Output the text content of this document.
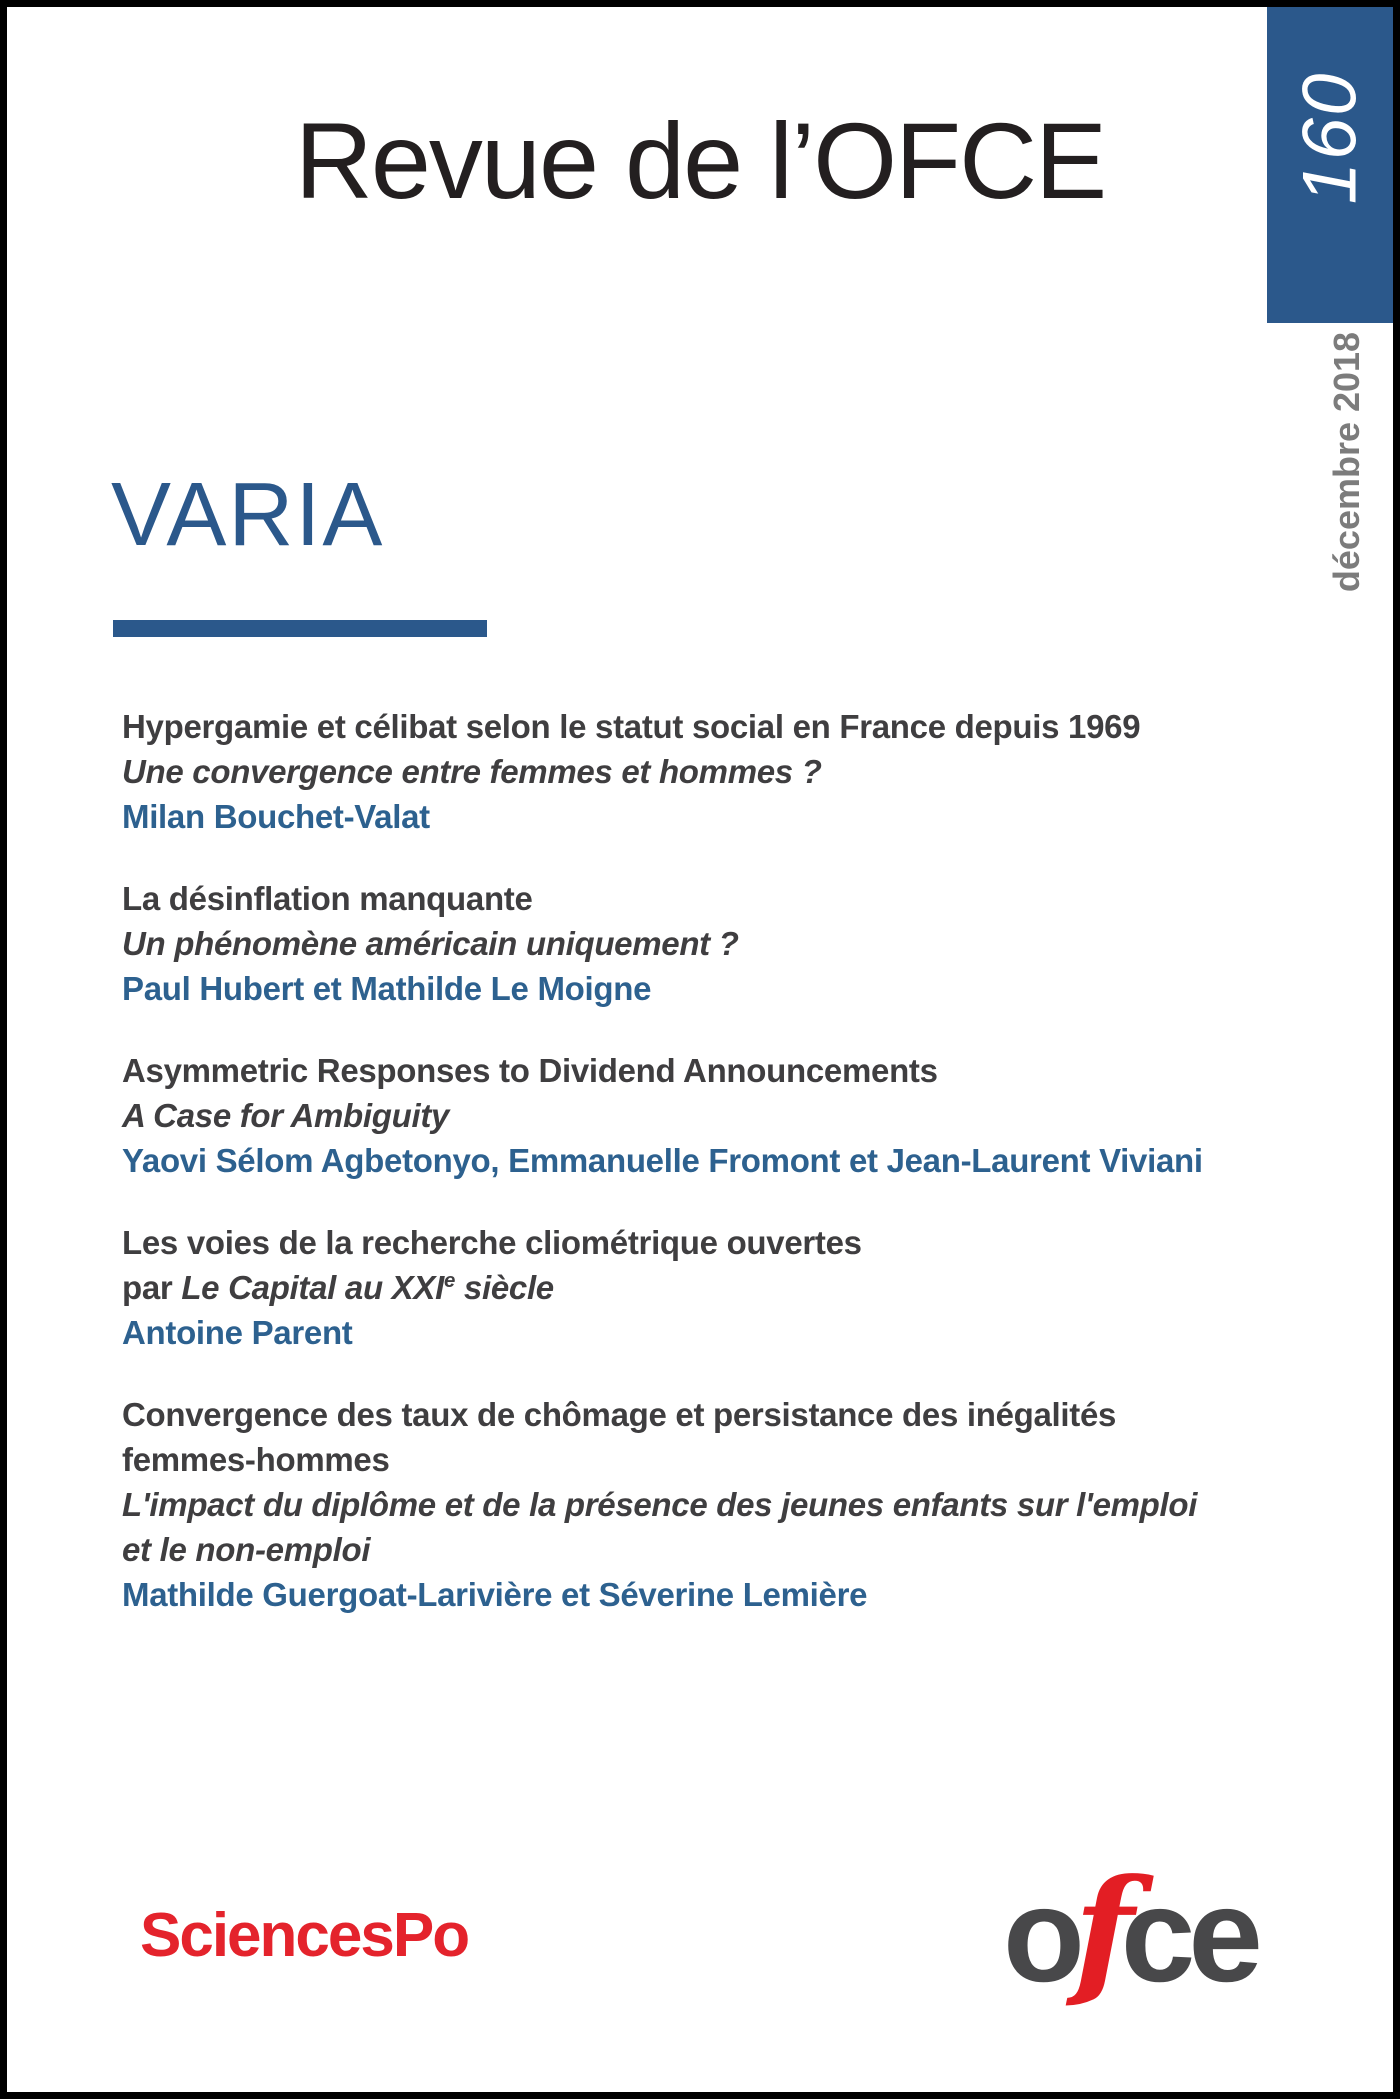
Revue de l’OFCE	160
décembre 2018
VARIA
Hypergamie et célibat selon le statut social en France depuis 1969
Une convergence entre femmes et hommes ?
Milan Bouchet-Valat
La désinflation manquante
Un phénomène américain uniquement ?
Paul Hubert et Mathilde Le Moigne
Asymmetric Responses to Dividend Announcements
A Case for Ambiguity
Yaovi Sélom Agbetonyo, Emmanuelle Fromont et Jean-Laurent Viviani
Les voies de la recherche cliométrique ouvertes
par Le Capital au XXIe siècle
Antoine Parent
Convergence des taux de chômage et persistance des inégalités
femmes-hommes
L'impact du diplôme et de la présence des jeunes enfants sur l'emploi
et le non-emploi
Mathilde Guergoat-Larivière et Séverine Lemière
SciencesPo	ofce
